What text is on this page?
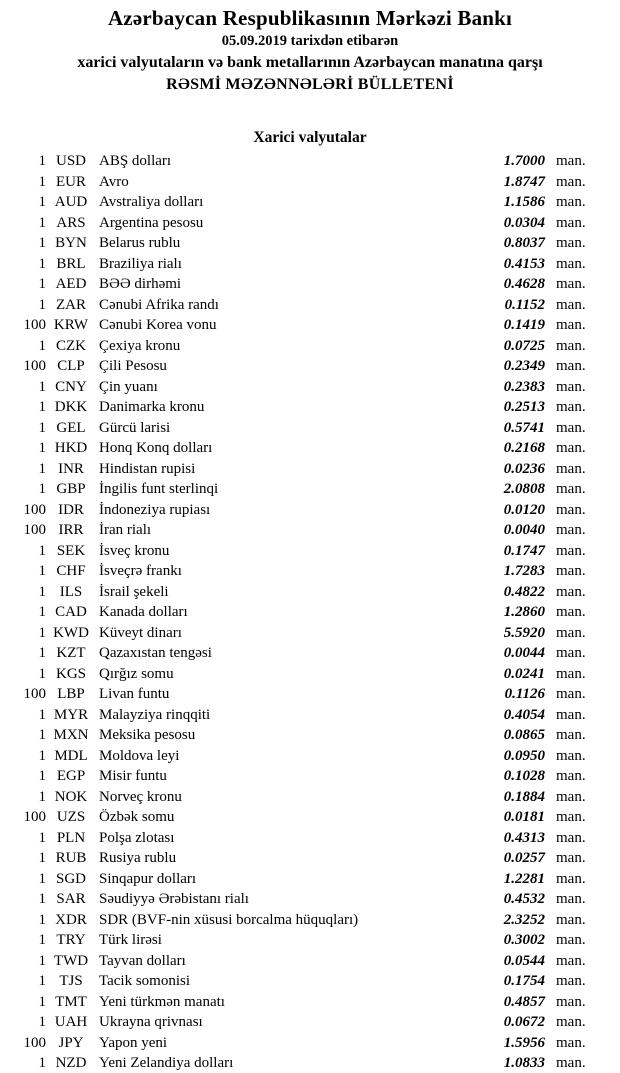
Azərbaycan Respublikasının Mərkəzi Bankı
05.09.2019 tarixdən etibarən
xarici valyutaların və bank metallarının Azərbaycan manatına qarşı
RƏSMİ MƏZƏNNƏLƏRİ BÜLLETENİ
Xarici valyutalar
1 USD ABŞ dolları	1.7000 man.
1 EUR Avro	1.8747 man.
1 AUD Avstraliya dolları	1.1586 man.
1 ARS Argentina pesosu	0.0304 man.
1 BYN Belarus rublu	0.8037 man.
1 BRL Braziliya rialı	0.4153 man.
1 AED BƏƏ dirhəmi	0.4628 man.
1 ZAR Cənubi Afrika randı	0.1152 man.
100 KRW Cənubi Korea vonu	0.1419 man.
1 CZK Çexiya kronu	0.0725 man.
100 CLP Çili Pesosu	0.2349 man.
1 CNY Çin yuanı	0.2383 man.
1 DKK Danimarka kronu	0.2513 man.
1 GEL Gürcü larisi	0.5741 man.
1 HKD Honq Konq dolları	0.2168 man.
1 INR	Hindistan rupisi	0.0236 man.
1 GBP İngilis funt sterlinqi	2.0808 man.
100 IDR	İndoneziya rupiası	0.0120 man.
100 IRR	İran rialı	0.0040 man.
1 SEK İsveç kronu	0.1747 man.
1 CHF İsveçrə frankı	1.7283 man.
1 ILS	İsrail şekeli	0.4822 man.
1 CAD Kanada dolları	1.2860 man.
1 KWD Küveyt dinarı	5.5920 man.
1 KZT Qazaxıstan tengəsi	0.0044 man.
1 KGS Qırğız somu	0.0241 man.
100 LBP Livan funtu	0.1126 man.
1 MYR Malayziya rinqqiti	0.4054 man.
1 MXN Meksika pesosu	0.0865 man.
1 MDL Moldova leyi	0.0950 man.
1 EGP Misir funtu	0.1028 man.
1 NOK Norveç kronu	0.1884 man.
100 UZS Özbək somu	0.0181 man.
1 PLN Polşa zlotası	0.4313 man.
1 RUB Rusiya rublu	0.0257 man.
1 SGD Sinqapur dolları	1.2281 man.
1 SAR Səudiyyə Ərəbistanı rialı	0.4532 man.
1 XDR SDR (BVF-nin xüsusi borcalma hüquqları)	2.3252 man.
1 TRY Türk lirəsi	0.3002 man.
1 TWD Tayvan dolları	0.0544 man.
1 TJS	Tacik somonisi	0.1754 man.
1 TMT Yeni türkmən manatı	0.4857 man.
1 UAH Ukrayna qrivnası	0.0672 man.
100 JPY	Yapon yeni	1.5956 man.
1 NZD Yeni Zelandiya dolları	1.0833 man.
